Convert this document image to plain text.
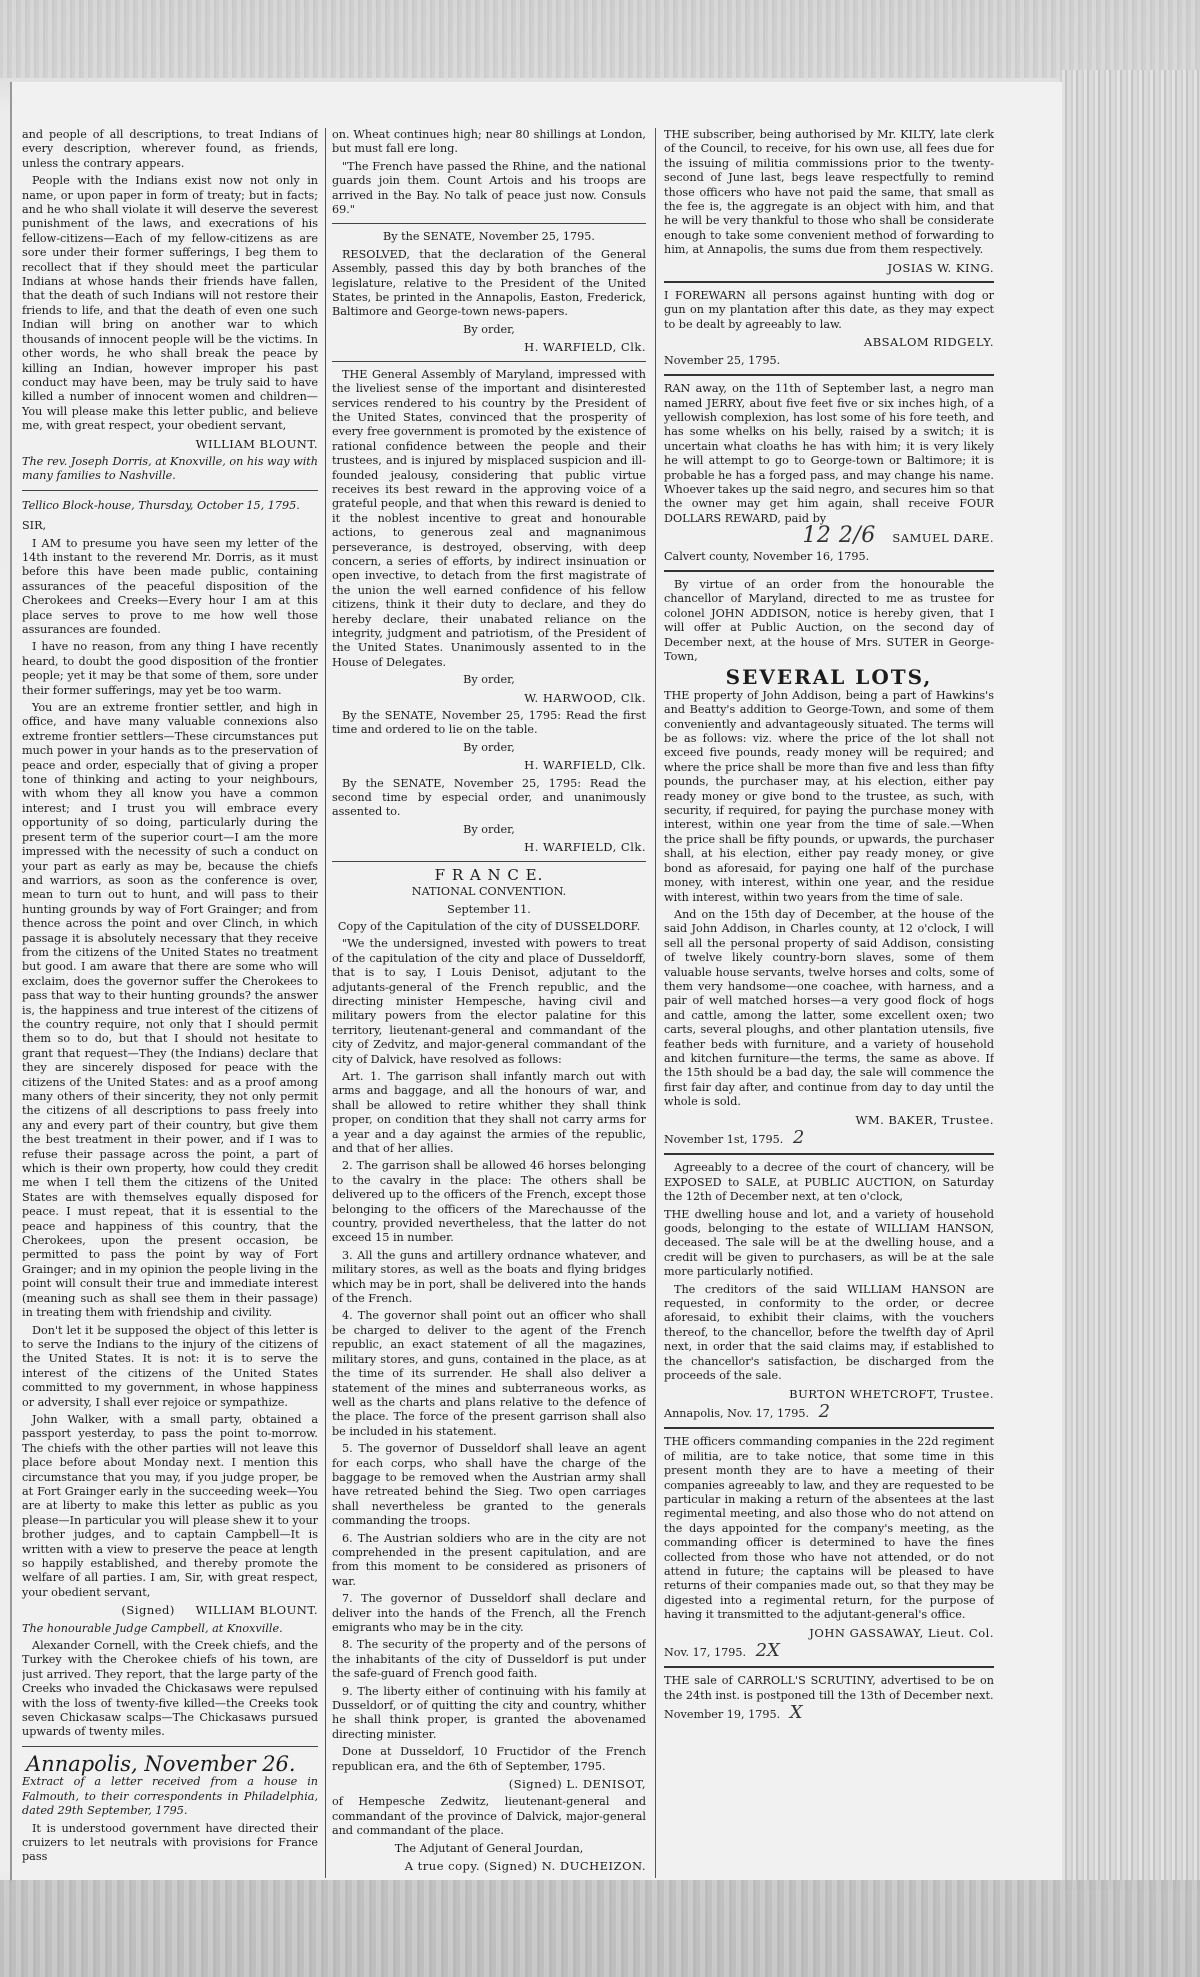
and people of all descriptions, to treat Indians of every description, wherever found, as friends, unless the contrary appears.

People with the Indians exist now not only in name, or upon paper in form of treaty; but in facts; and he who shall violate it will deserve the severest punishment of the laws, and execrations of his fellow-citizens—Each of my fellow-citizens as are sore under their former sufferings, I beg them to recollect that if they should meet the particular Indians at whose hands their friends have fallen, that the death of such Indians will not restore their friends to life, and that the death of even one such Indian will bring on another war to which thousands of innocent people will be the victims. In other words, he who shall break the peace by killing an Indian, however improper his past conduct may have been, may be truly said to have killed a number of innocent women and children—You will please make this letter public, and believe me, with great respect, your obedient servant,

WILLIAM BLOUNT.

The rev. Joseph Dorris, at Knoxville, on his way with many families to Nashville.

Tellico Block-house, Thursday, October 15, 1795.

SIR,

I AM to presume you have seen my letter of the 14th instant to the reverend Mr. Dorris, as it must before this have been made public, containing assurances of the peaceful disposition of the Cherokees and Creeks—Every hour I am at this place serves to prove to me how well those assurances are founded.

I have no reason, from any thing I have recently heard, to doubt the good disposition of the frontier people; yet it may be that some of them, sore under their former sufferings, may yet be too warm.

You are an extreme frontier settler, and high in office, and have many valuable connexions also extreme frontier settlers—These circumstances put much power in your hands as to the preservation of peace and order, especially that of giving a proper tone of thinking and acting to your neighbours, with whom they all know you have a common interest; and I trust you will embrace every opportunity of so doing, particularly during the present term of the superior court—I am the more impressed with the necessity of such a conduct on your part as early as may be, because the chiefs and warriors, as soon as the conference is over, mean to turn out to hunt, and will pass to their hunting grounds by way of Fort Grainger; and from thence across the point and over Clinch, in which passage it is absolutely necessary that they receive from the citizens of the United States no treatment but good. I am aware that there are some who will exclaim, does the governor suffer the Cherokees to pass that way to their hunting grounds? the answer is, the happiness and true interest of the citizens of the country require, not only that I should permit them so to do, but that I should not hesitate to grant that request—They (the Indians) declare that they are sincerely disposed for peace with the citizens of the United States: and as a proof among many others of their sincerity, they not only permit the citizens of all descriptions to pass freely into any and every part of their country, but give them the best treatment in their power, and if I was to refuse their passage across the point, a part of which is their own property, how could they credit me when I tell them the citizens of the United States are with themselves equally disposed for peace. I must repeat, that it is essential to the peace and happiness of this country, that the Cherokees, upon the present occasion, be permitted to pass the point by way of Fort Grainger; and in my opinion the people living in the point will consult their true and immediate interest (meaning such as shall see them in their passage) in treating them with friendship and civility.

Don't let it be supposed the object of this letter is to serve the Indians to the injury of the citizens of the United States. It is not: it is to serve the interest of the citizens of the United States committed to my government, in whose happiness or adversity, I shall ever rejoice or sympathize.

John Walker, with a small party, obtained a passport yesterday, to pass the point to-morrow. The chiefs with the other parties will not leave this place before about Monday next. I mention this circumstance that you may, if you judge proper, be at Fort Grainger early in the succeeding week—You are at liberty to make this letter as public as you please—In particular you will please shew it to your brother judges, and to captain Campbell—It is written with a view to preserve the peace at length so happily established, and thereby promote the welfare of all parties. I am, Sir, with great respect, your obedient servant,

(Signed) WILLIAM BLOUNT.

The honourable Judge Campbell, at Knoxville.

Alexander Cornell, with the Creek chiefs, and the Turkey with the Cherokee chiefs of his town, are just arrived. They report, that the large party of the Creeks who invaded the Chickasaws were repulsed with the loss of twenty-five killed—the Creeks took seven Chickasaw scalps—The Chickasaws pursued upwards of twenty miles.

Annapolis, November 26.

Extract of a letter received from a house in Falmouth, to their correspondents in Philadelphia, dated 29th September, 1795.

It is understood government have directed their cruizers to let neutrals with provisions for France pass

on. Wheat continues high; near 80 shillings at London, but must fall ere long.

"The French have passed the Rhine, and the national guards join them. Count Artois and his troops are arrived in the Bay. No talk of peace just now. Consuls 69."

By the SENATE, November 25, 1795.

RESOLVED, that the declaration of the General Assembly, passed this day by both branches of the legislature, relative to the President of the United States, be printed in the Annapolis, Easton, Frederick, Baltimore and George-town news-papers.

By order,
H. WARFIELD, Clk.

THE General Assembly of Maryland, impressed with the liveliest sense of the important and disinterested services rendered to his country by the President of the United States, convinced that the prosperity of every free government is promoted by the existence of rational confidence between the people and their trustees, and is injured by misplaced suspicion and ill-founded jealousy, considering that public virtue receives its best reward in the approving voice of a grateful people, and that when this reward is denied to it the noblest incentive to great and honourable actions, to generous zeal and magnanimous perseverance, is destroyed, observing, with deep concern, a series of efforts, by indirect insinuation or open invective, to detach from the first magistrate of the union the well earned confidence of his fellow citizens, think it their duty to declare, and they do hereby declare, their unabated reliance on the integrity, judgment and patriotism, of the President of the United States. Unanimously assented to in the House of Delegates.

By order,
W. HARWOOD, Clk.

By the SENATE, November 25, 1795: Read the first time and ordered to lie on the table.

By order,
H. WARFIELD, Clk.

By the SENATE, November 25, 1795: Read the second time by especial order, and unanimously assented to.

By order,
H. WARFIELD, Clk.
F R A N C E.
NATIONAL CONVENTION.
September 11.
Copy of the Capitulation of the city of DUSSELDORF.

"We the undersigned, invested with powers to treat of the capitulation of the city and place of Dusseldorff, that is to say, I Louis Denisot, adjutant to the adjutants-general of the French republic, and the directing minister Hempesche, having civil and military powers from the elector palatine for this territory, lieutenant-general and commandant of the city of Zedvitz, and major-general commandant of the city of Dalvick, have resolved as follows:

Art. 1. The garrison shall infantly march out with arms and baggage, and all the honours of war, and shall be allowed to retire whither they shall think proper, on condition that they shall not carry arms for a year and a day against the armies of the republic, and that of her allies.

2. The garrison shall be allowed 46 horses belonging to the cavalry in the place: The others shall be delivered up to the officers of the French, except those belonging to the officers of the Marechausse of the country, provided nevertheless, that the latter do not exceed 15 in number.

3. All the guns and artillery ordnance whatever, and military stores, as well as the boats and flying bridges which may be in port, shall be delivered into the hands of the French.

4. The governor shall point out an officer who shall be charged to deliver to the agent of the French republic, an exact statement of all the magazines, military stores, and guns, contained in the place, as at the time of its surrender. He shall also deliver a statement of the mines and subterraneous works, as well as the charts and plans relative to the defence of the place. The force of the present garrison shall also be included in his statement.

5. The governor of Dusseldorf shall leave an agent for each corps, who shall have the charge of the baggage to be removed when the Austrian army shall have retreated behind the Sieg. Two open carriages shall nevertheless be granted to the generals commanding the troops.

6. The Austrian soldiers who are in the city are not comprehended in the present capitulation, and are from this moment to be considered as prisoners of war.

7. The governor of Dusseldorf shall declare and deliver into the hands of the French, all the French emigrants who may be in the city.

8. The security of the property and of the persons of the inhabitants of the city of Dusseldorf is put under the safe-guard of French good faith.

9. The liberty either of continuing with his family at Dusseldorf, or of quitting the city and country, whither he shall think proper, is granted the abovenamed directing minister.

Done at Dusseldorf, 10 Fructidor of the French republican era, and the 6th of September, 1795.

(Signed) L. DENISOT,

of Hempesche Zedwitz, lieutenant-general and commandant of the province of Dalvick, major-general and commandant of the place.

The Adjutant of General Jourdan,
A true copy. (Signed) N. DUCHEIZON.

THE subscriber, being authorised by Mr. KILTY, late clerk of the Council, to receive, for his own use, all fees due for the issuing of militia commissions prior to the twenty-second of June last, begs leave respectfully to remind those officers who have not paid the same, that small as the fee is, the aggregate is an object with him, and that he will be very thankful to those who shall be considerate enough to take some convenient method of forwarding to him, at Annapolis, the sums due from them respectively.

JOSIAS W. KING.

I FOREWARN all persons against hunting with dog or gun on my plantation after this date, as they may expect to be dealt by agreeably to law.

ABSALOM RIDGELY.

November 25, 1795.

RAN away, on the 11th of September last, a negro man named JERRY, about five feet five or six inches high, of a yellowish complexion, has lost some of his fore teeth, and has some whelks on his belly, raised by a switch; it is uncertain what cloaths he has with him; it is very likely he will attempt to go to George-town or Baltimore; it is probable he has a forged pass, and may change his name. Whoever takes up the said negro, and secures him so that the owner may get him again, shall receive FOUR DOLLARS REWARD, paid by

12 2/6 SAMUEL DARE.

Calvert county, November 16, 1795.

By virtue of an order from the honourable the chancellor of Maryland, directed to me as trustee for colonel JOHN ADDISON, notice is hereby given, that I will offer at Public Auction, on the second day of December next, at the house of Mrs. SUTER in George-Town,

SEVERAL LOTS,

THE property of John Addison, being a part of Hawkins's and Beatty's addition to George-Town, and some of them conveniently and advantageously situated. The terms will be as follows: viz. where the price of the lot shall not exceed five pounds, ready money will be required; and where the price shall be more than five and less than fifty pounds, the purchaser may, at his election, either pay ready money or give bond to the trustee, as such, with security, if required, for paying the purchase money with interest, within one year from the time of sale.—When the price shall be fifty pounds, or upwards, the purchaser shall, at his election, either pay ready money, or give bond as aforesaid, for paying one half of the purchase money, with interest, within one year, and the residue with interest, within two years from the time of sale.

And on the 15th day of December, at the house of the said John Addison, in Charles county, at 12 o'clock, I will sell all the personal property of said Addison, consisting of twelve likely country-born slaves, some of them valuable house servants, twelve horses and colts, some of them very handsome—one coachee, with harness, and a pair of well matched horses—a very good flock of hogs and cattle, among the latter, some excellent oxen; two carts, several ploughs, and other plantation utensils, five feather beds with furniture, and a variety of household and kitchen furniture—the terms, the same as above. If the 15th should be a bad day, the sale will commence the first fair day after, and continue from day to day until the whole is sold.

WM. BAKER, Trustee.

November 1st, 1795. 2

Agreeably to a decree of the court of chancery, will be EXPOSED to SALE, at PUBLIC AUCTION, on Saturday the 12th of December next, at ten o'clock,

THE dwelling house and lot, and a variety of household goods, belonging to the estate of WILLIAM HANSON, deceased. The sale will be at the dwelling house, and a credit will be given to purchasers, as will be at the sale more particularly notified.

The creditors of the said WILLIAM HANSON are requested, in conformity to the order, or decree aforesaid, to exhibit their claims, with the vouchers thereof, to the chancellor, before the twelfth day of April next, in order that the said claims may, if established to the chancellor's satisfaction, be discharged from the proceeds of the sale.

BURTON WHETCROFT, Trustee.

Annapolis, Nov. 17, 1795. 2

THE officers commanding companies in the 22d regiment of militia, are to take notice, that some time in this present month they are to have a meeting of their companies agreeably to law, and they are requested to be particular in making a return of the absentees at the last regimental meeting, and also those who do not attend on the days appointed for the company's meeting, as the commanding officer is determined to have the fines collected from those who have not attended, or do not attend in future; the captains will be pleased to have returns of their companies made out, so that they may be digested into a regimental return, for the purpose of having it transmitted to the adjutant-general's office.

JOHN GASSAWAY, Lieut. Col.

Nov. 17, 1795. 2X

THE sale of CARROLL'S SCRUTINY, advertised to be on the 24th inst. is postponed till the 13th of December next.

November 19, 1795. X
